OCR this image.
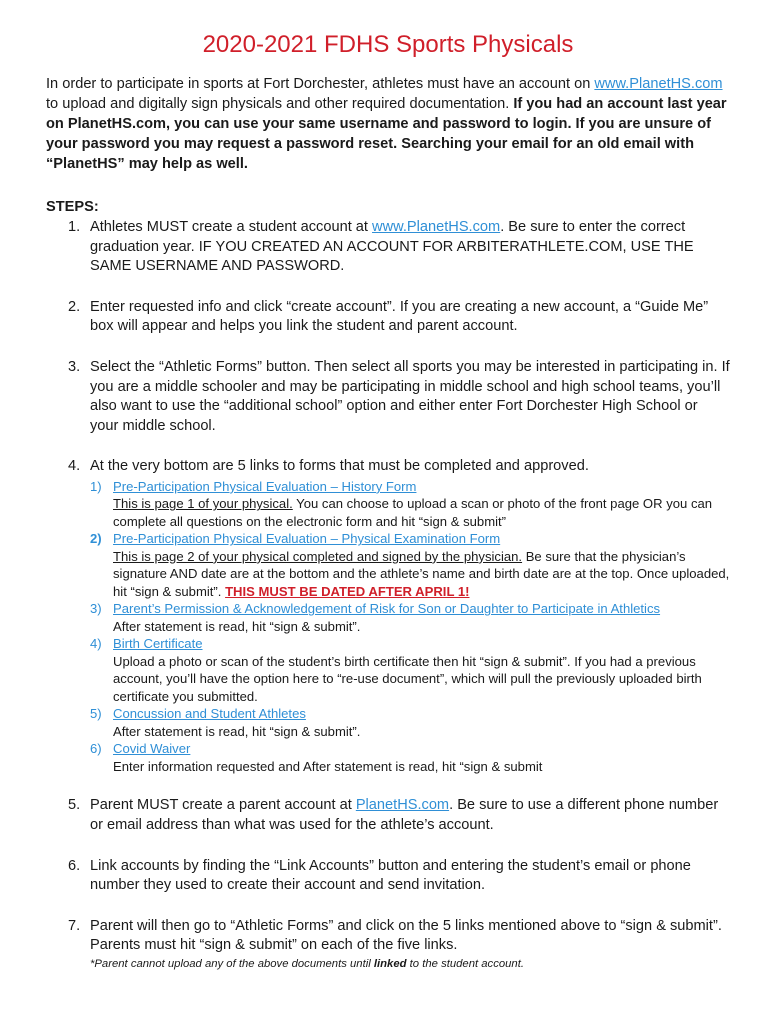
2020-2021 FDHS Sports Physicals

In order to participate in sports at Fort Dorchester, athletes must have an account on www.PlanetHS.com to upload and digitally sign physicals and other required documentation. If you had an account last year on PlanetHS.com, you can use your same username and password to login. If you are unsure of your password you may request a password reset. Searching your email for an old email with “PlanetHS” may help as well.

STEPS:
1. Athletes MUST create a student account at www.PlanetHS.com. Be sure to enter the correct graduation year. IF YOU CREATED AN ACCOUNT FOR ARBITERATHLETE.COM, USE THE SAME USERNAME AND PASSWORD.
2. Enter requested info and click “create account”. If you are creating a new account, a “Guide Me” box will appear and helps you link the student and parent account.
3. Select the “Athletic Forms” button. Then select all sports you may be interested in participating in. If you are a middle schooler and may be participating in middle school and high school teams, you’ll also want to use the “additional school” option and either enter Fort Dorchester High School or your middle school.
4. At the very bottom are 5 links to forms that must be completed and approved.
1) Pre-Participation Physical Evaluation – History Form
This is page 1 of your physical. You can choose to upload a scan or photo of the front page OR you can complete all questions on the electronic form and hit “sign & submit”
2) Pre-Participation Physical Evaluation – Physical Examination Form
This is page 2 of your physical completed and signed by the physician. Be sure that the physician’s signature AND date are at the bottom and the athlete’s name and birth date are at the top. Once uploaded, hit “sign & submit”. THIS MUST BE DATED AFTER APRIL 1!
3) Parent’s Permission & Acknowledgement of Risk for Son or Daughter to Participate in Athletics
After statement is read, hit “sign & submit”.
4) Birth Certificate
Upload a photo or scan of the student’s birth certificate then hit “sign & submit”. If you had a previous account, you’ll have the option here to “re-use document”, which will pull the previously uploaded birth certificate you submitted.
5) Concussion and Student Athletes
After statement is read, hit “sign & submit”.
6) Covid Waiver
Enter information requested and After statement is read, hit “sign & submit
5. Parent MUST create a parent account at PlanetHS.com. Be sure to use a different phone number or email address than what was used for the athlete’s account.
6. Link accounts by finding the “Link Accounts” button and entering the student’s email or phone number they used to create their account and send invitation.
7. Parent will then go to “Athletic Forms” and click on the 5 links mentioned above to “sign & submit”. Parents must hit “sign & submit” on each of the five links.
*Parent cannot upload any of the above documents until linked to the student account.
